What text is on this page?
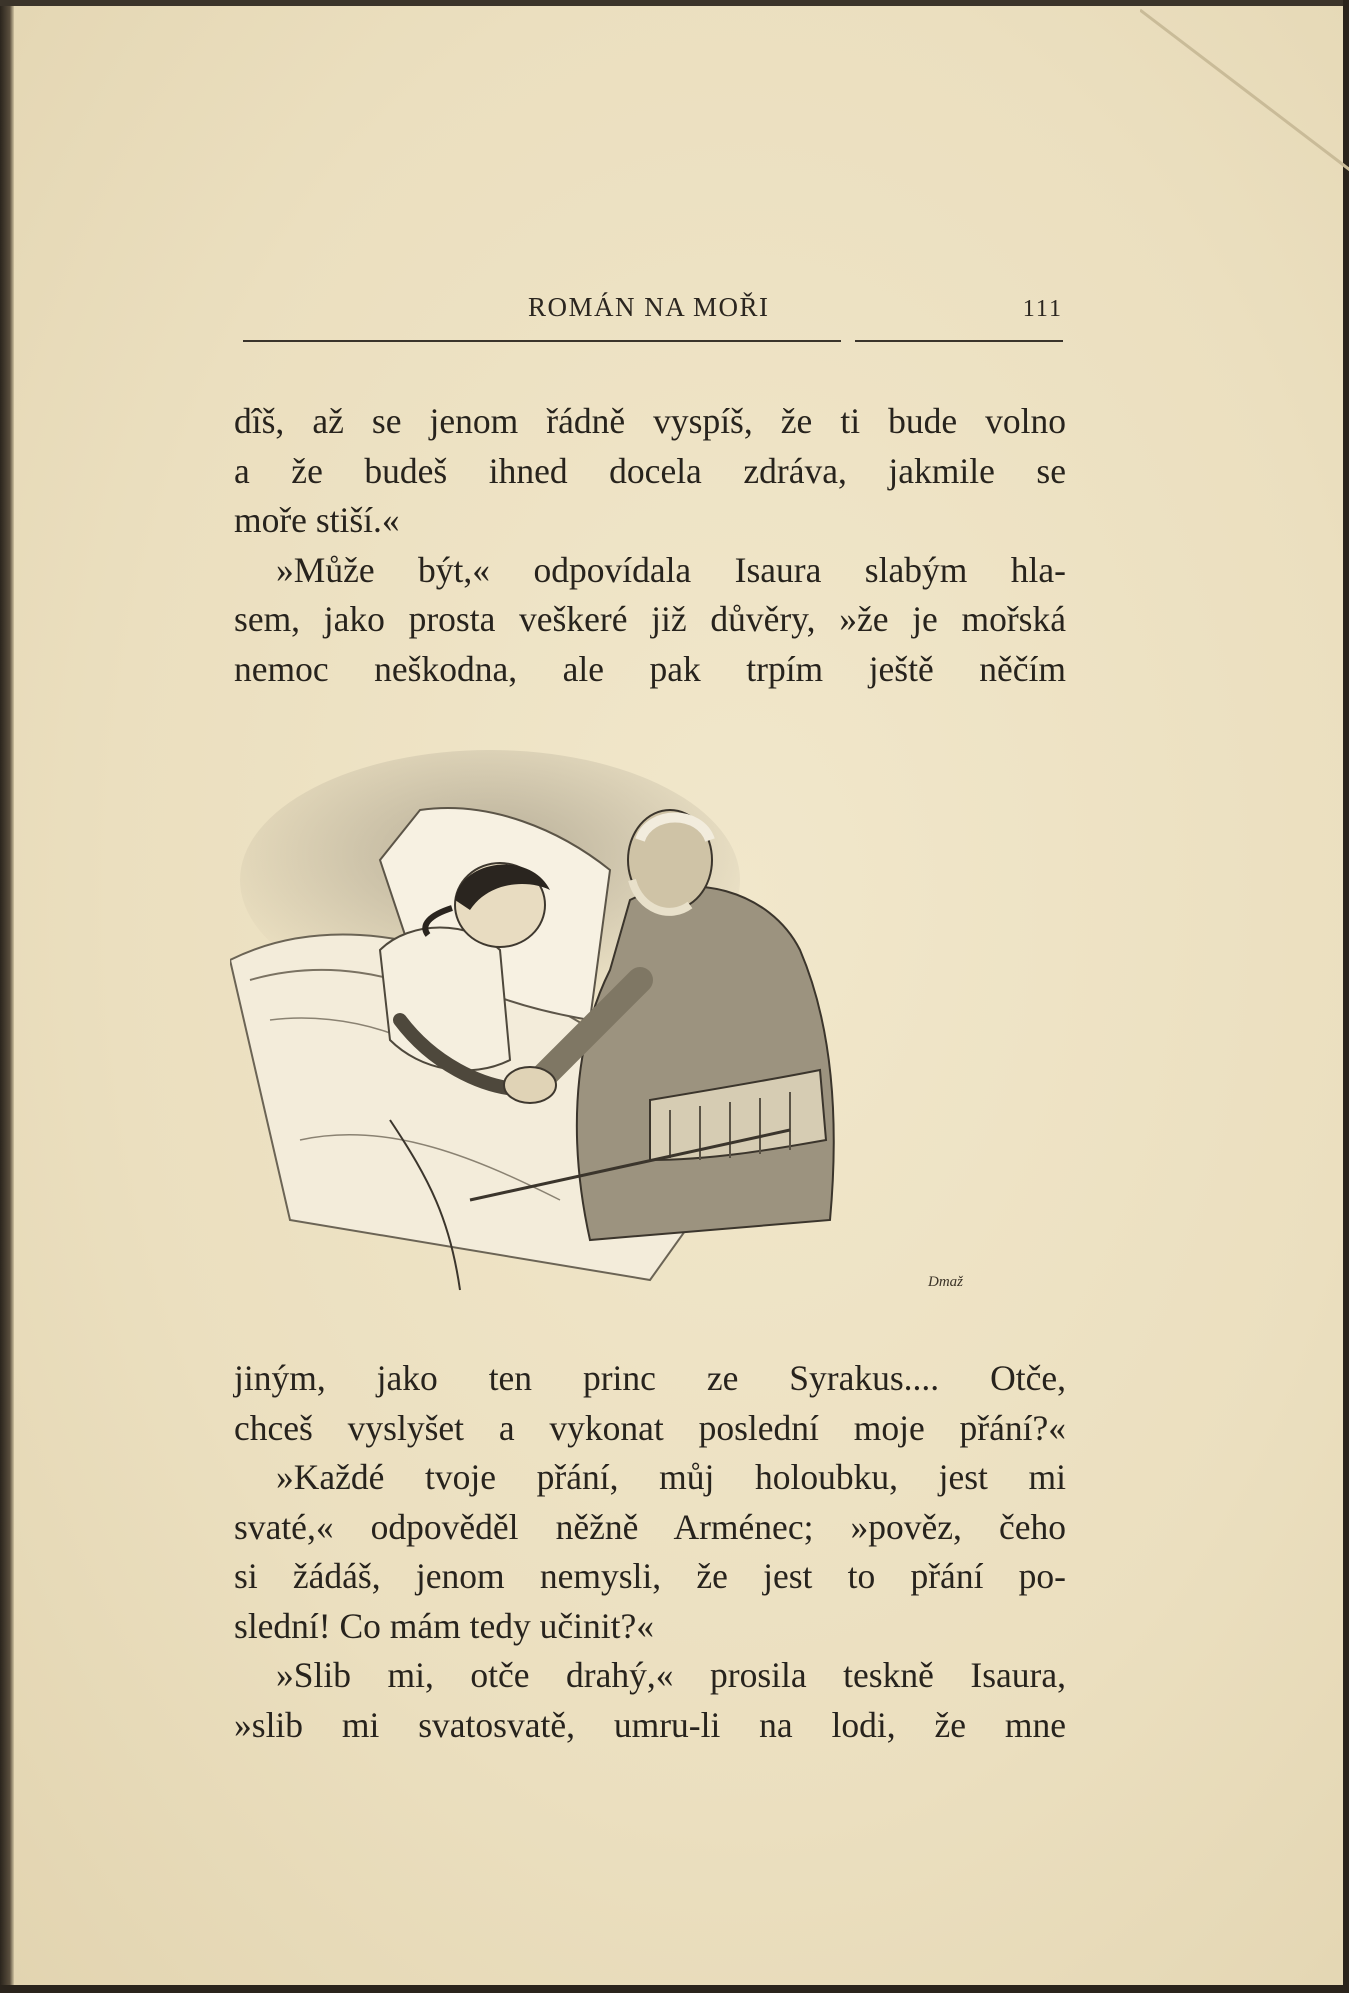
ROMÁN NA MOŘI	111

dîš, až se jenom řádně vyspíš, že ti bude volno

a že budeš ihned docela zdráva, jakmile se

moře stiší.«

»Může být,« odpovídala Isaura slabým hla-

sem, jako prosta veškeré již důvěry, »že je mořská

nemoc neškodna, ale pak trpím ještě něčím

Dmaž

jiným, jako ten princ ze Syrakus.... Otče,

chceš vyslyšet a vykonat poslední moje přání?«

»Každé tvoje přání, můj holoubku, jest mi

svaté,« odpověděl něžně Arménec; »pověz, čeho

si žádáš, jenom nemysli, že jest to přání po-

slední! Co mám tedy učinit?«

»Slib mi, otče drahý,« prosila teskně Isaura,

»slib mi svatosvatě, umru-li na lodi, že mne
